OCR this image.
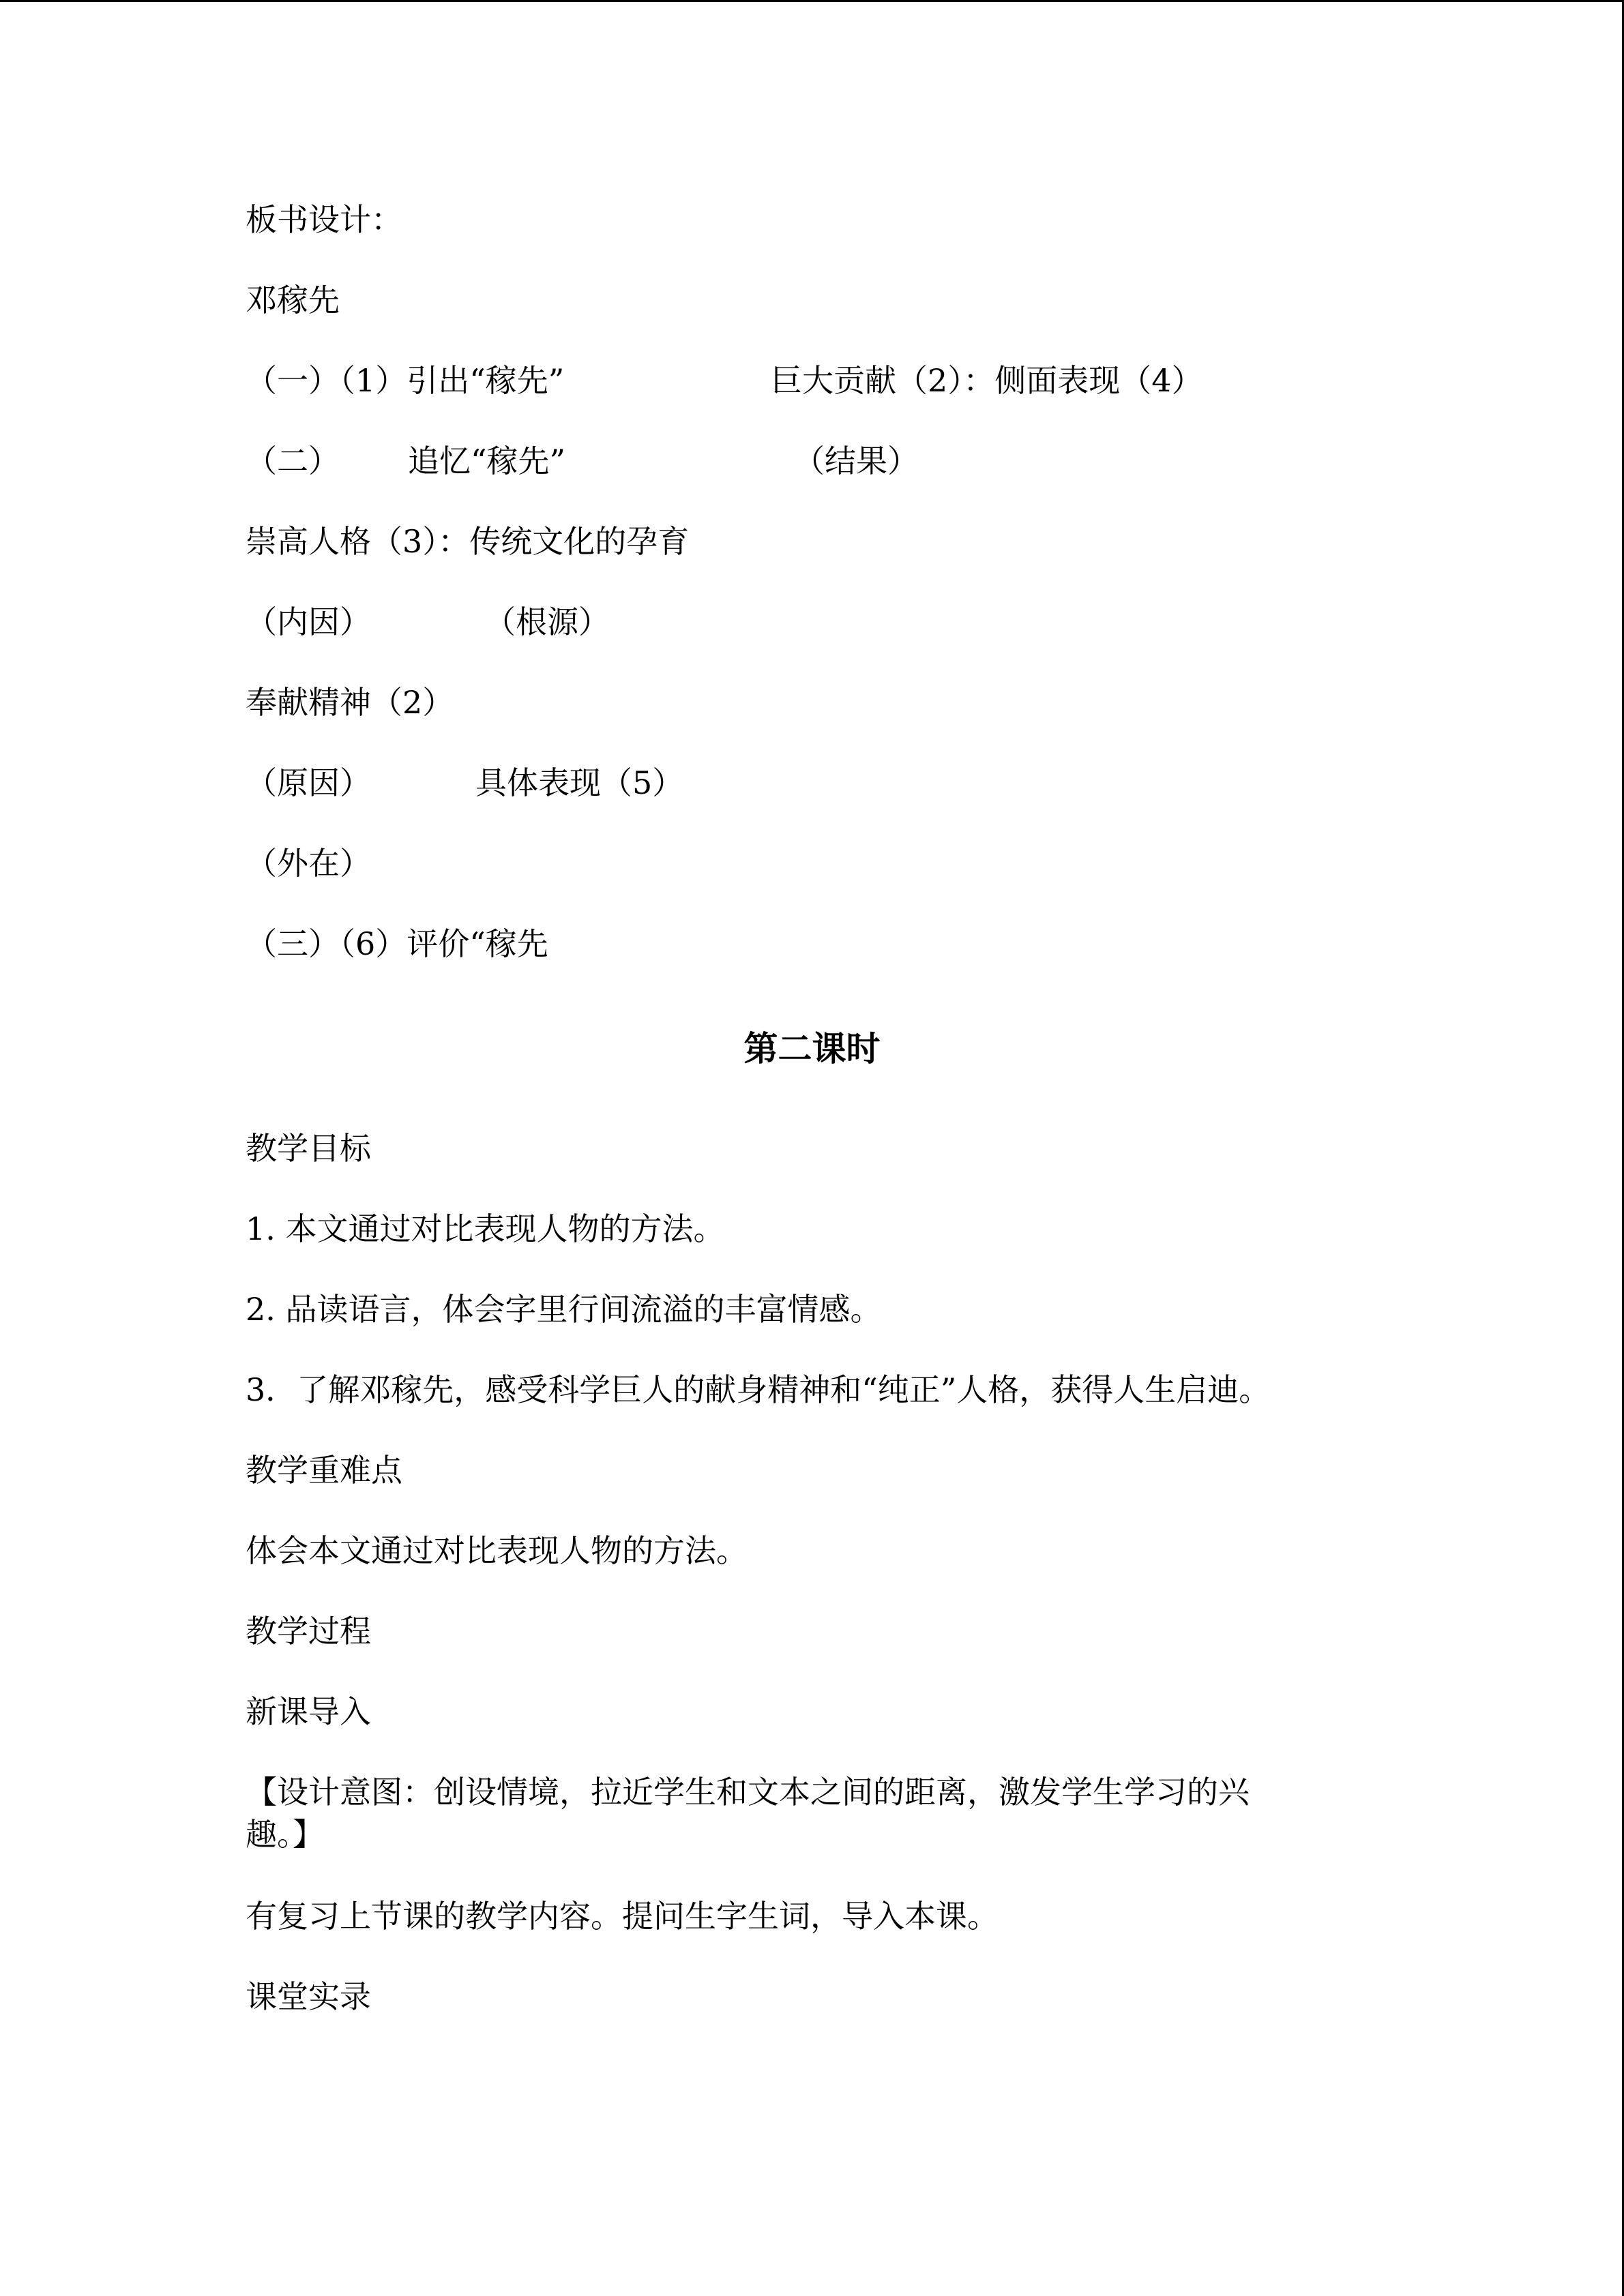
板书设计：
邓稼先
（一）（1）引出“稼先”	巨大贡献（2）：侧面表现（4）
（二） 追忆“稼先”	（结果）
崇高人格（3）：传统文化的孕育
（内因）	（根源）
奉献精神（2）
（原因）	具体表现（5）
（外在）
（三）（6）评价“稼先
第二课时
教学目标
1. 本文通过对比表现人物的方法。
2. 品读语言，体会字里行间流溢的丰富情感。
3．了解邓稼先，感受科学巨人的献身精神和“纯正”人格，获得人生启迪。
教学重难点
体会本文通过对比表现人物的方法。
教学过程
新课导入
【设计意图：创设情境，拉近学生和文本之间的距离，激发学生学习的兴
趣。】
有复习上节课的教学内容。提问生字生词，导入本课。
课堂实录
